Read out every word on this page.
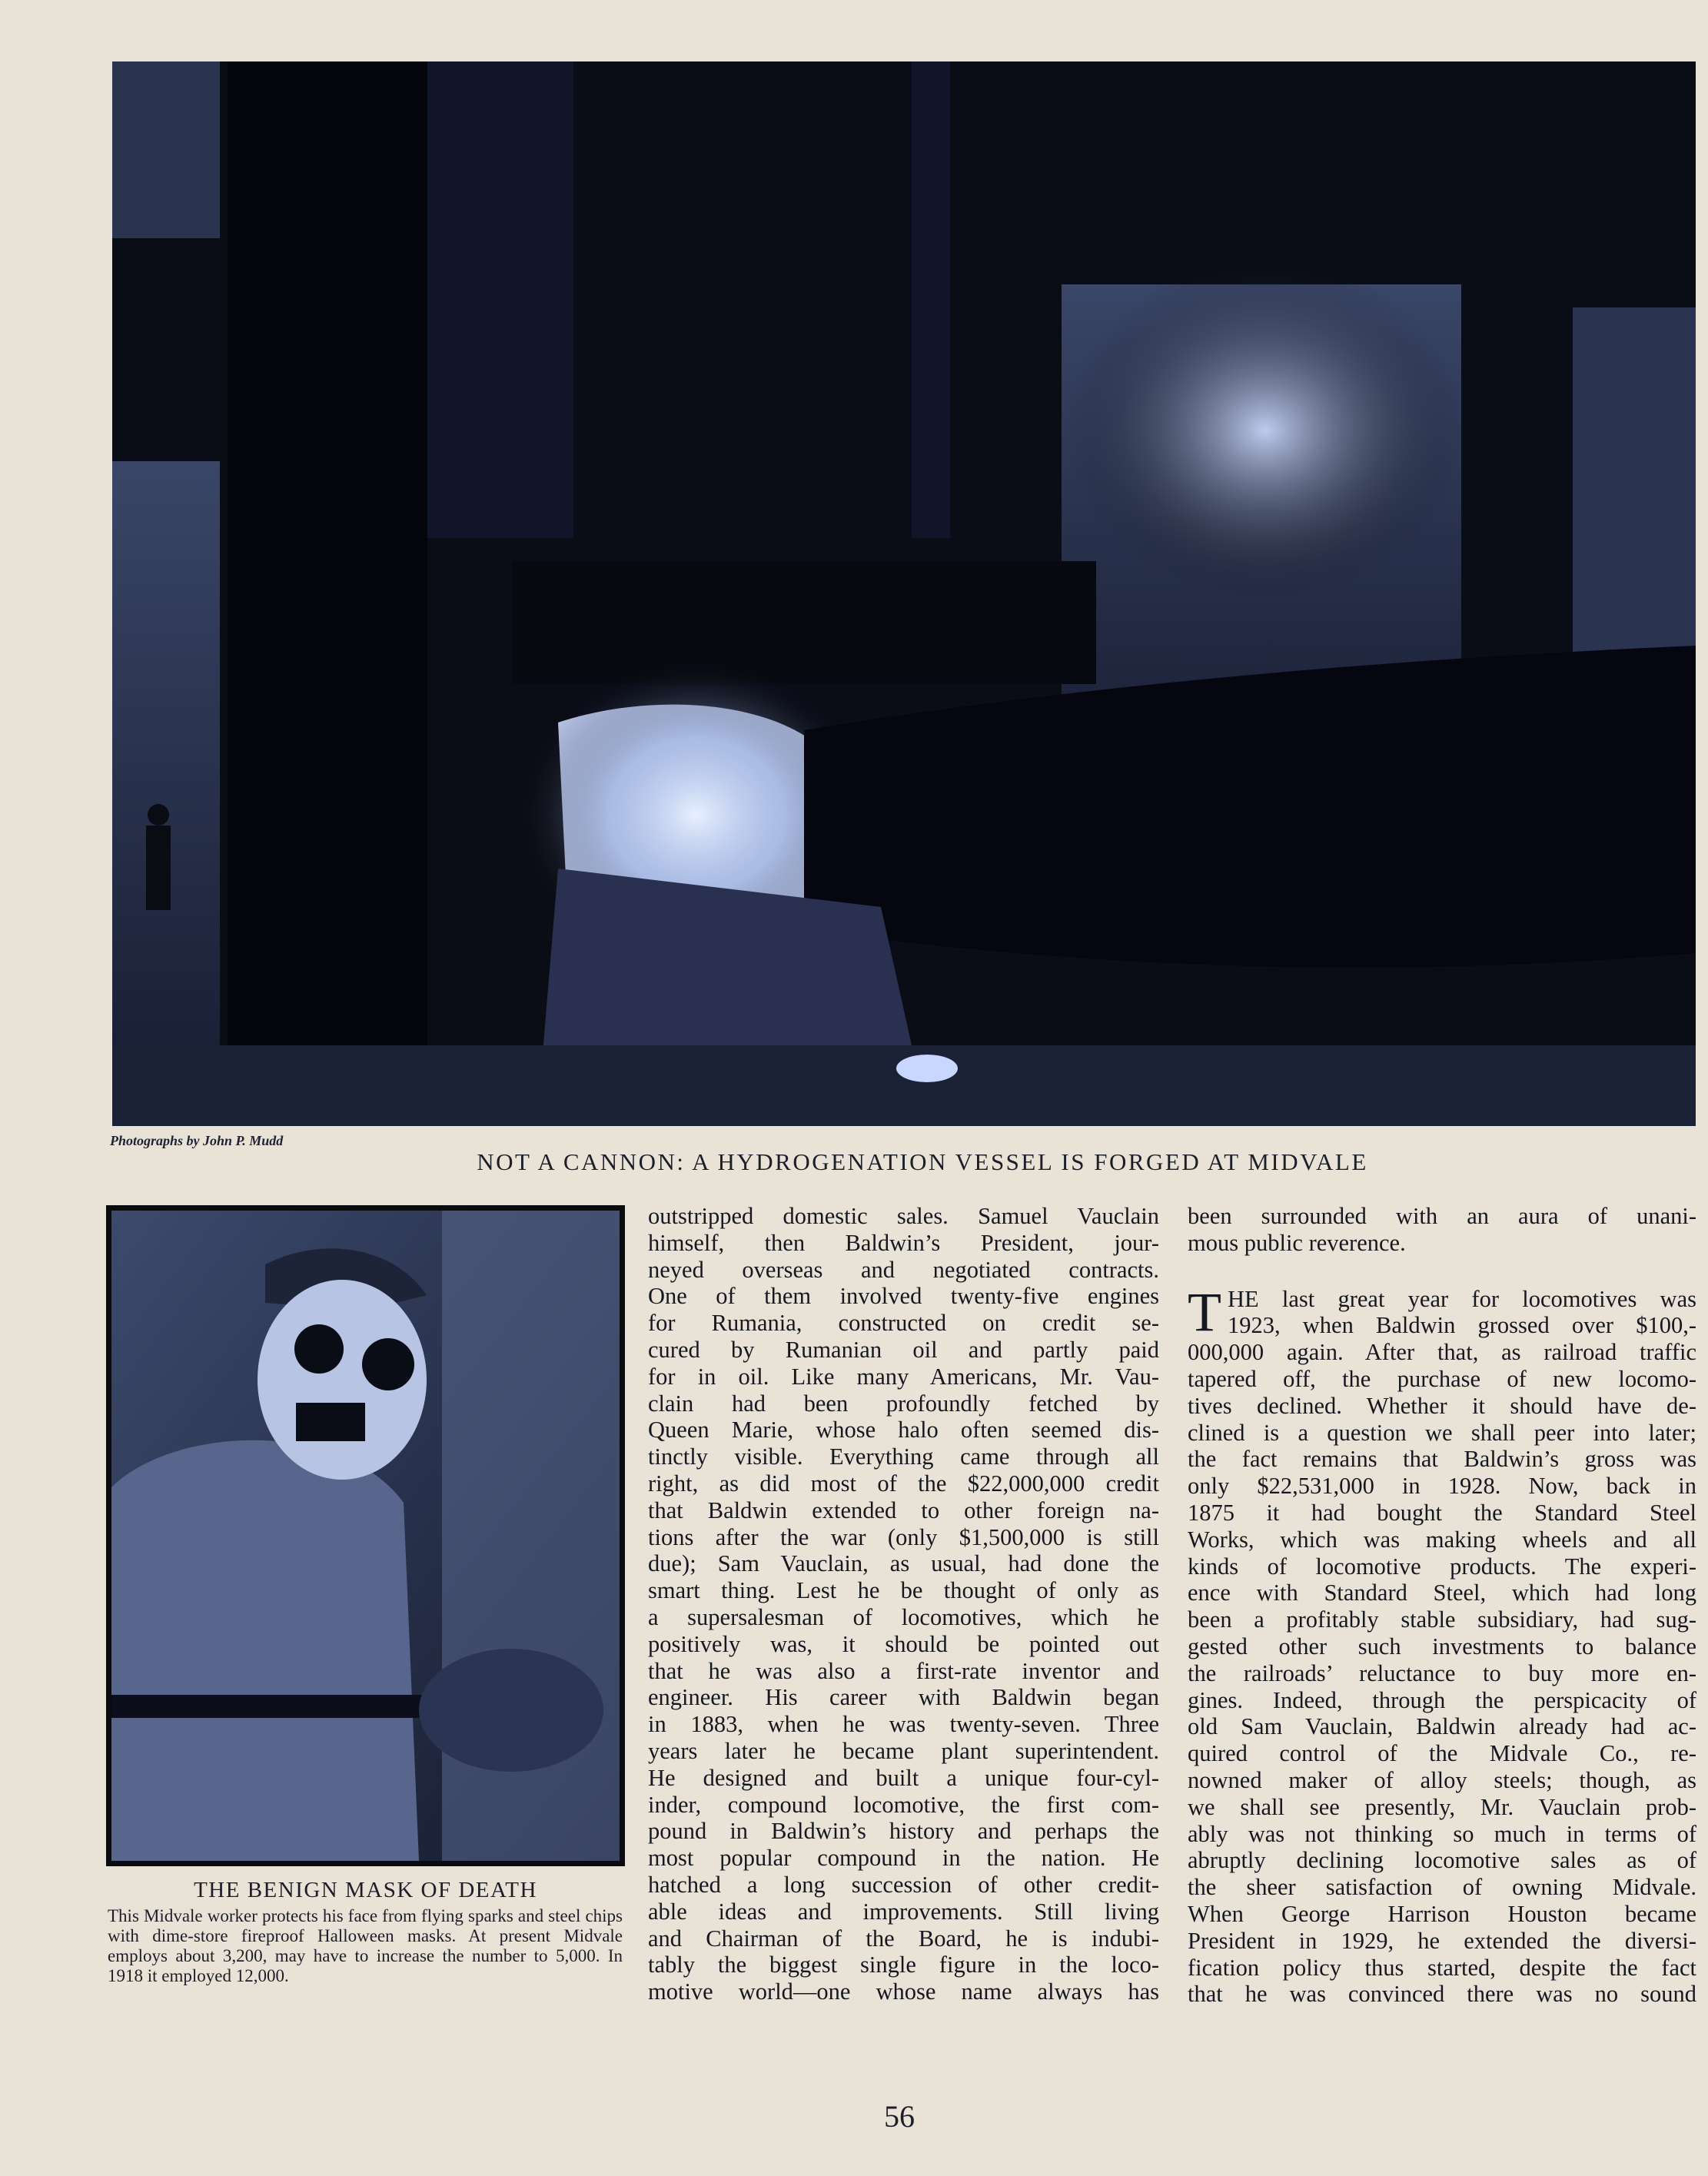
Photographs by John P. Mudd
NOT A CANNON: A HYDROGENATION VESSEL IS FORGED AT MIDVALE
THE BENIGN MASK OF DEATH
This Midvale worker protects his face from flying sparks and steel chips with dime-store fireproof Halloween masks. At present Midvale employs about 3,200, may have to increase the number to 5,000. In 1918 it employed 12,000.

outstripped domestic sales. Samuel Vauclain
himself, then Baldwin’s President, jour-
neyed overseas and negotiated contracts.
One of them involved twenty-five engines
for Rumania, constructed on credit se-
cured by Rumanian oil and partly paid
for in oil. Like many Americans, Mr. Vau-
clain had been profoundly fetched by
Queen Marie, whose halo often seemed dis-
tinctly visible. Everything came through all
right, as did most of the $22,000,000 credit
that Baldwin extended to other foreign na-
tions after the war (only $1,500,000 is still
due); Sam Vauclain, as usual, had done the
smart thing. Lest he be thought of only as
a supersalesman of locomotives, which he
positively was, it should be pointed out
that he was also a first-rate inventor and
engineer. His career with Baldwin began
in 1883, when he was twenty-seven. Three
years later he became plant superintendent.
He designed and built a unique four-cyl-
inder, compound locomotive, the first com-
pound in Baldwin’s history and perhaps the
most popular compound in the nation. He
hatched a long succession of other credit-
able ideas and improvements. Still living
and Chairman of the Board, he is indubi-
tably the biggest single figure in the loco-
motive world—one whose name always has

been surrounded with an aura of unani-
mous public reverence.

T HE last great year for locomotives was
1923, when Baldwin grossed over $100,-
000,000 again. After that, as railroad traffic
tapered off, the purchase of new locomo-
tives declined. Whether it should have de-
clined is a question we shall peer into later;
the fact remains that Baldwin’s gross was
only $22,531,000 in 1928. Now, back in
1875 it had bought the Standard Steel
Works, which was making wheels and all
kinds of locomotive products. The experi-
ence with Standard Steel, which had long
been a profitably stable subsidiary, had sug-
gested other such investments to balance
the railroads’ reluctance to buy more en-
gines. Indeed, through the perspicacity of
old Sam Vauclain, Baldwin already had ac-
quired control of the Midvale Co., re-
nowned maker of alloy steels; though, as
we shall see presently, Mr. Vauclain prob-
ably was not thinking so much in terms of
abruptly declining locomotive sales as of
the sheer satisfaction of owning Midvale.
When George Harrison Houston became
President in 1929, he extended the diversi-
fication policy thus started, despite the fact
that he was convinced there was no sound

56
